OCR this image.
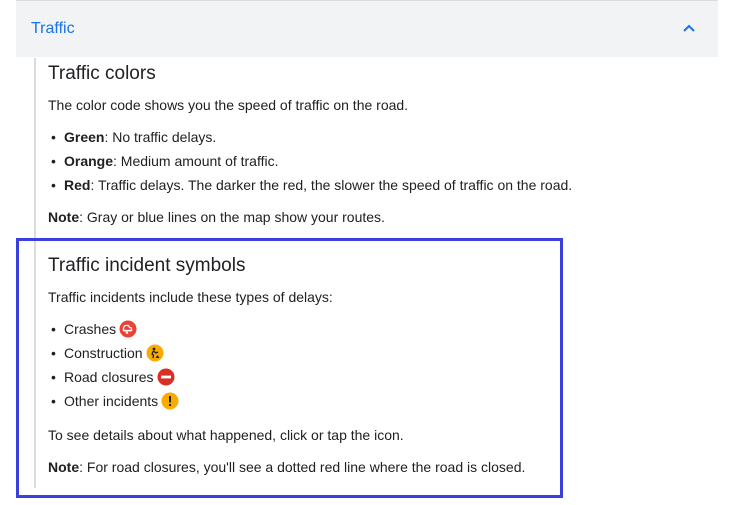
Traffic
Traffic colors

The color code shows you the speed of traffic on the road.

• Green: No traffic delays.
• Orange: Medium amount of traffic.
• Red: Traffic delays. The darker the red, the slower the speed of traffic on the road.

Note: Gray or blue lines on the map show your routes.

Traffic incident symbols

Traffic incidents include these types of delays:

• Crashes
• Construction
• Road closures
• Other incidents

To see details about what happened, click or tap the icon.

Note: For road closures, you'll see a dotted red line where the road is closed.
